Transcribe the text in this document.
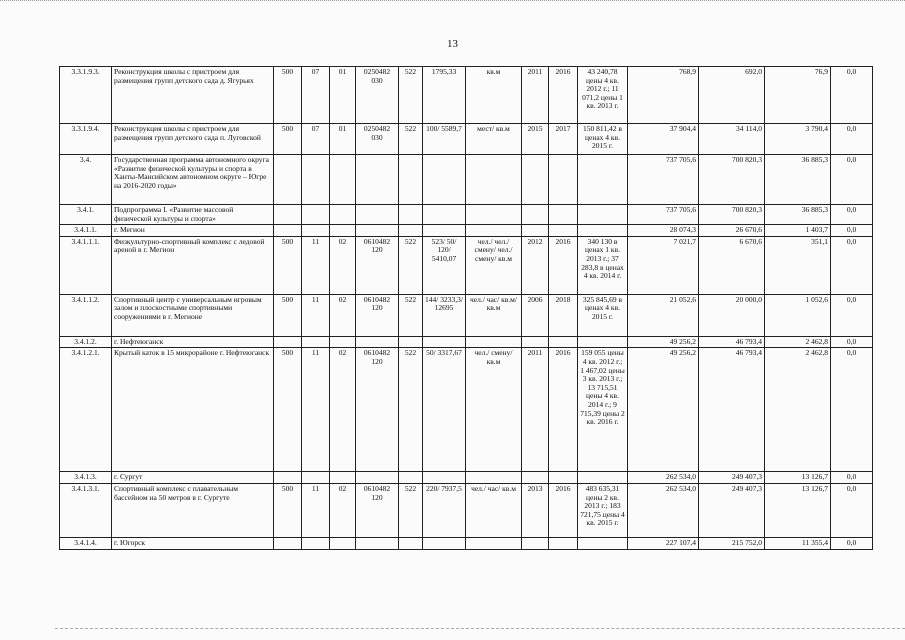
13
3.3.1.9.3.	Реконструкция школы с пристроем для размещения групп детского сада д. Ягурьях	500	07	01	0250482 030	522	1795,33	кв.м	2011	2016	43 240,78 цены 4 кв. 2012 г.; 11 071,2 цены 1 кв. 2013 г.	768,9	692,0	76,9	0,0
3.3.1.9.4.	Реконструкция школы с пристроем для размещения групп детского сада п. Луговской	500	07	01	0250482 030	522	100/ 5589,7	мест/ кв.м	2015	2017	150 811,42 в ценах 4 кв. 2015 г.	37 904,4	34 114,0	3 790,4	0,0
3.4.	Государственная программа автономного округа «Развитие физической культуры и спорта в Ханты-Мансийском автономном округе – Югре на 2016-2020 годы»											737 705,6	700 820,3	36 885,3	0,0
3.4.1.	Подпрограмма I. «Развитие массовой физической культуры и спорта»											737 705,6	700 820,3	36 885,3	0,0
3.4.1.1.	г. Мегион											28 074,3	26 670,6	1 403,7	0,0
3.4.1.1.1.	Физкультурно-спортивный комплекс с ледовой ареной в г. Мегион	500	11	02	0610482 120	522	523/ 50/ 120/ 5410,07	чел./ чел./ смену/ чел./ смену/ кв.м	2012	2016	340 130 в ценах 1 кв. 2013 г.; 37 283,8 в ценах 4 кв. 2014 г.	7 021,7	6 670,6	351,1	0,0
3.4.1.1.2.	Спортивный центр с универсальным игровым залом и плоскостными спортивными сооружениями в г. Мегионе	500	11	02	0610482 120	522	144/ 3233,3/ 12695	чел./ час/ кв.м/ кв.м	2006	2018	325 845,69 в ценах 4 кв. 2015 г.	21 052,6	20 000,0	1 052,6	0,0
3.4.1.2.	г. Нефтеюганск											49 256,2	46 793,4	2 462,8	0,0
3.4.1.2.1.	Крытый каток в 15 микрорайоне г. Нефтеюганск	500	11	02	0610482 120	522	50/ 3317,67	чел./ смену/ кв.м	2011	2016	159 055 цены 4 кв. 2012 г.; 1 467,02 цены 3 кв. 2013 г.; 13 715,51 цены 4 кв. 2014 г.; 9 715,39 цены 2 кв. 2016 г.	49 256,2	46 793,4	2 462,8	0,0
3.4.1.3.	г. Сургут											262 534,0	249 407,3	13 126,7	0,0
3.4.1.3.1.	Спортивный комплекс с плавательным бассейном на 50 метров в г. Сургуте	500	11	02	0610482 120	522	220/ 7937,5	чел./ час/ кв.м	2013	2016	483 635,31 цены 2 кв. 2013 г.; 183 721,75 цены 4 кв. 2015 г.	262 534,0	249 407,3	13 126,7	0,0
3.4.1.4.	г. Югорск											227 107,4	215 752,0	11 355,4	0,0
